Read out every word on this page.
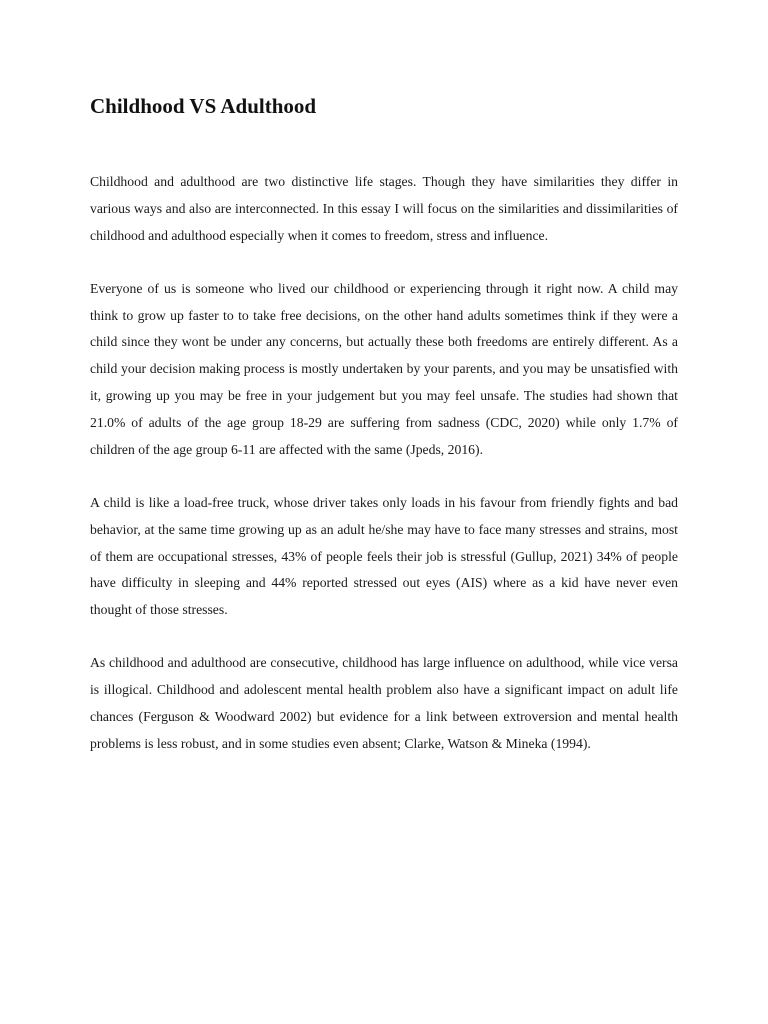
Childhood VS Adulthood

Childhood and adulthood are two distinctive life stages. Though they have similarities they differ in various ways and also are interconnected. In this essay I will focus on the similarities and dissimilarities of childhood and adulthood especially when it comes to freedom, stress and influence.

Everyone of us is someone who lived our childhood or experiencing through it right now. A child may think to grow up faster to to take free decisions, on the other hand adults sometimes think if they were a child since they wont be under any concerns, but actually these both freedoms are entirely different. As a child your decision making process is mostly undertaken by your parents, and you may be unsatisfied with it, growing up you may be free in your judgement but you may feel unsafe. The studies had shown that 21.0% of adults of the age group 18-29 are suffering from sadness (CDC, 2020) while only 1.7% of children of the age group 6-11 are affected with the same (Jpeds, 2016).

A child is like a load-free truck, whose driver takes only loads in his favour from friendly fights and bad behavior, at the same time growing up as an adult he/she may have to face many stresses and strains, most of them are occupational stresses, 43% of people feels their job is stressful (Gullup, 2021) 34% of people have difficulty in sleeping and 44% reported stressed out eyes (AIS) where as a kid have never even thought of those stresses.

As childhood and adulthood are consecutive, childhood has large influence on adulthood, while vice versa is illogical. Childhood and adolescent mental health problem also have a significant impact on adult life chances (Ferguson & Woodward 2002) but evidence for a link between extroversion and mental health problems is less robust, and in some studies even absent; Clarke, Watson & Mineka (1994).
